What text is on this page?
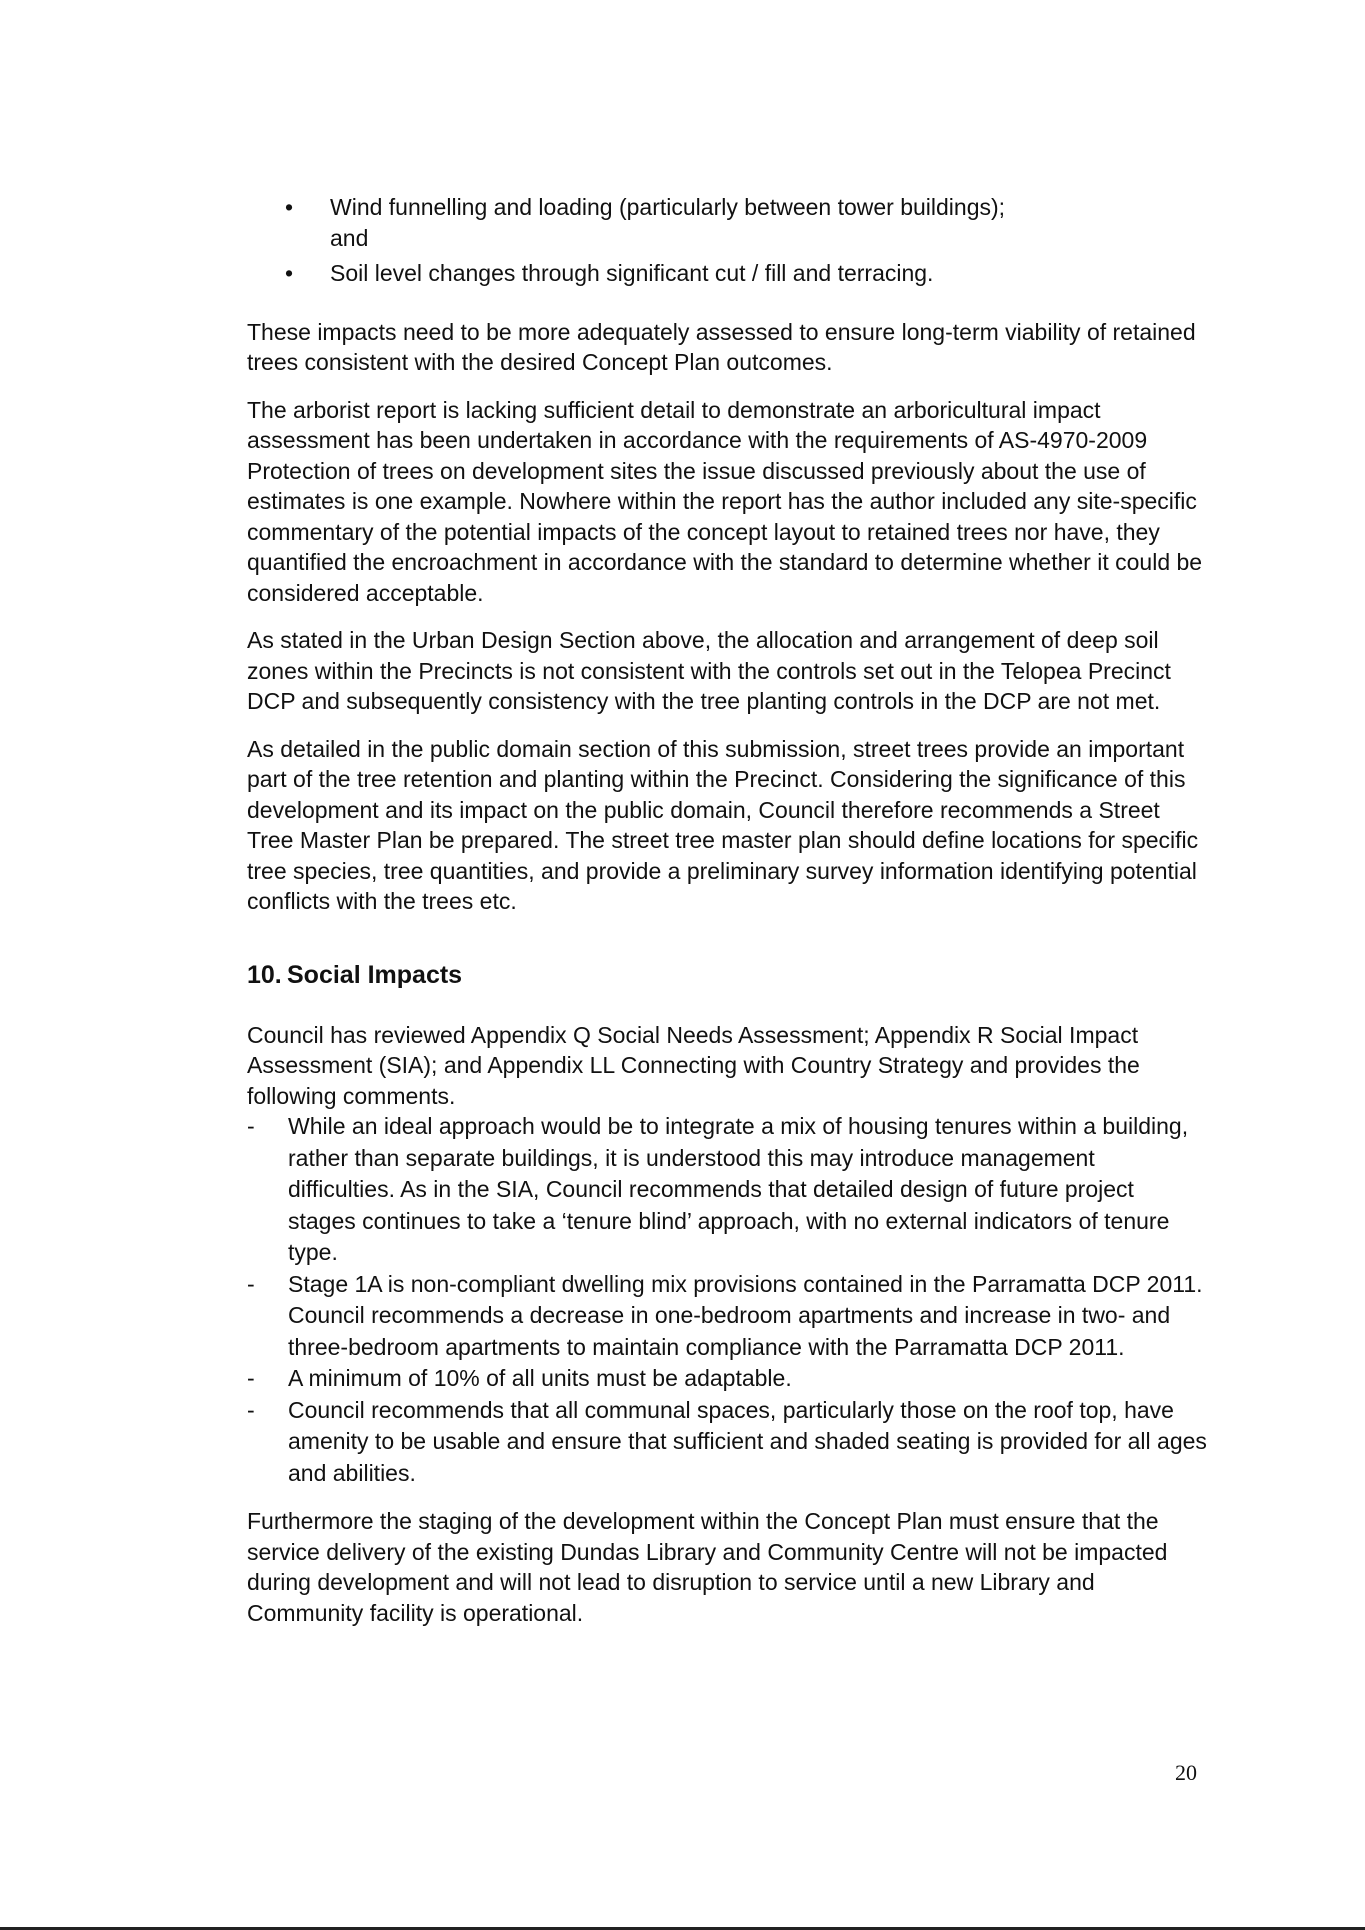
• Wind funnelling and loading (particularly between tower buildings);
and
• Soil level changes through significant cut / fill and terracing.

These impacts need to be more adequately assessed to ensure long-term viability of retained trees consistent with the desired Concept Plan outcomes.

The arborist report is lacking sufficient detail to demonstrate an arboricultural impact assessment has been undertaken in accordance with the requirements of AS-4970-2009 Protection of trees on development sites the issue discussed previously about the use of estimates is one example. Nowhere within the report has the author included any site-specific commentary of the potential impacts of the concept layout to retained trees nor have, they quantified the encroachment in accordance with the standard to determine whether it could be considered acceptable.

As stated in the Urban Design Section above, the allocation and arrangement of deep soil zones within the Precincts is not consistent with the controls set out in the Telopea Precinct DCP and subsequently consistency with the tree planting controls in the DCP are not met.

As detailed in the public domain section of this submission, street trees provide an important part of the tree retention and planting within the Precinct. Considering the significance of this development and its impact on the public domain, Council therefore recommends a Street Tree Master Plan be prepared. The street tree master plan should define locations for specific tree species, tree quantities, and provide a preliminary survey information identifying potential conflicts with the trees etc.

10. Social Impacts

Council has reviewed Appendix Q Social Needs Assessment; Appendix R Social Impact Assessment (SIA); and Appendix LL Connecting with Country Strategy and provides the following comments.

- While an ideal approach would be to integrate a mix of housing tenures within a building, rather than separate buildings, it is understood this may introduce management difficulties. As in the SIA, Council recommends that detailed design of future project stages continues to take a ‘tenure blind’ approach, with no external indicators of tenure type.
- Stage 1A is non-compliant dwelling mix provisions contained in the Parramatta DCP 2011. Council recommends a decrease in one-bedroom apartments and increase in two- and three-bedroom apartments to maintain compliance with the Parramatta DCP 2011.
- A minimum of 10% of all units must be adaptable.
- Council recommends that all communal spaces, particularly those on the roof top, have amenity to be usable and ensure that sufficient and shaded seating is provided for all ages and abilities.

Furthermore the staging of the development within the Concept Plan must ensure that the service delivery of the existing Dundas Library and Community Centre will not be impacted during development and will not lead to disruption to service until a new Library and Community facility is operational.

20
